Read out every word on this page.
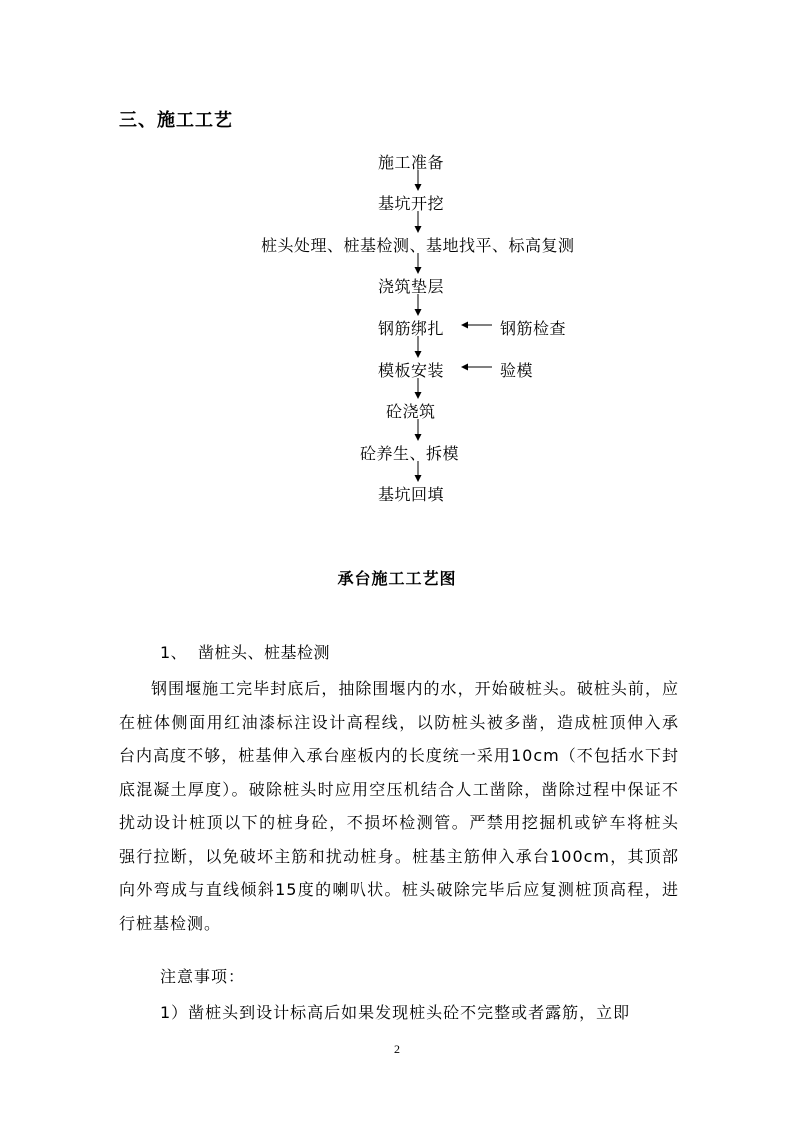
三、施工工艺
施工准备
基坑开挖
桩头处理、桩基检测、基地找平、标高复测
浇筑垫层
钢筋绑扎
模板安装
砼浇筑
砼养生、拆模
基坑回填
钢筋检查
验模
承台施工工艺图
1、 凿桩头、桩基检测

钢围堰施工完毕封底后，抽除围堰内的水，开始破桩头。破桩头前，应在桩体侧面用红油漆标注设计高程线，以防桩头被多凿，造成桩顶伸入承台内高度不够，桩基伸入承台座板内的长度统一采用10cm（不包括水下封底混凝土厚度）。破除桩头时应用空压机结合人工凿除，凿除过程中保证不扰动设计桩顶以下的桩身砼，不损坏检测管。严禁用挖掘机或铲车将桩头强行拉断，以免破坏主筋和扰动桩身。桩基主筋伸入承台100cm，其顶部向外弯成与直线倾斜15度的喇叭状。桩头破除完毕后应复测桩顶高程，进行桩基检测。

注意事项：
1）凿桩头到设计标高后如果发现桩头砼不完整或者露筋，立即
2
